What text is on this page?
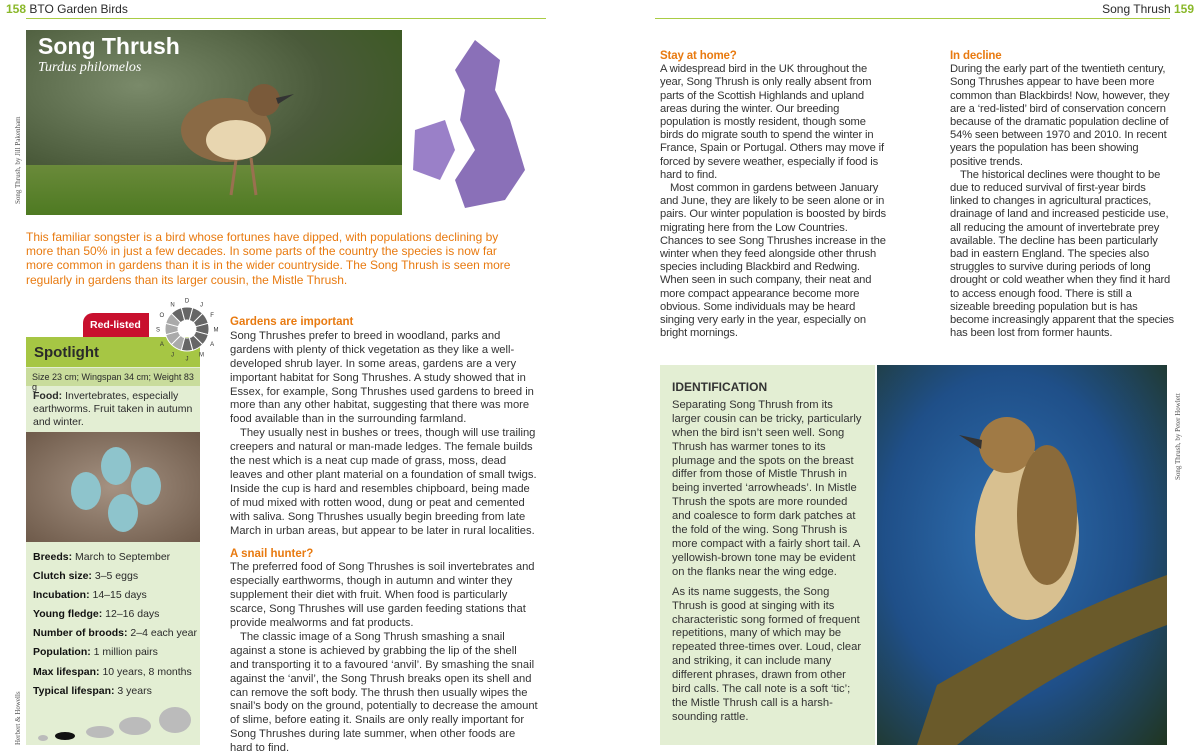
158 BTO Garden Birds	Song Thrush 159
Song Thrush, by Jill Pakenham
Song Thrush
Turdus philomelos
This familiar songster is a bird whose fortunes have dipped, with populations declining by more than 50% in just a few decades. In some parts of the country the species is now far more common in gardens than it is in the wider countryside. The Song Thrush is seen more regularly in gardens than its larger cousin, the Mistle Thrush.
Red-listed
Spotlight
Size 23 cm; Wingspan 34 cm; Weight 83 g
J
F
M
A
M
J
J
A
S
O
N
D
Food: Invertebrates, especially earthworms. Fruit taken in autumn and winter.
Breeds: March to September
Clutch size: 3–5 eggs
Incubation: 14–15 days
Young fledge: 12–16 days
Number of broods: 2–4 each year
Population: 1 million pairs
Max lifespan: 10 years, 8 months
Typical lifespan: 3 years
Herbert & Howells
Gardens are important

Song Thrushes prefer to breed in woodland, parks and gardens with plenty of thick vegetation as they like a well-developed shrub layer. In some areas, gardens are a very important habitat for Song Thrushes. A study showed that in Essex, for example, Song Thrushes used gardens to breed in more than any other habitat, suggesting that there was more food available than in the surrounding farmland.

They usually nest in bushes or trees, though will use trailing creepers and natural or man-made ledges. The female builds the nest which is a neat cup made of grass, moss, dead leaves and other plant material on a foundation of small twigs. Inside the cup is hard and resembles chipboard, being made of mud mixed with rotten wood, dung or peat and cemented with saliva. Song Thrushes usually begin breeding from late March in urban areas, but appear to be later in rural localities.

A snail hunter?

The preferred food of Song Thrushes is soil invertebrates and especially earthworms, though in autumn and winter they supplement their diet with fruit. When food is particularly scarce, Song Thrushes will use garden feeding stations that provide mealworms and fat products.

The classic image of a Song Thrush smashing a snail against a stone is achieved by grabbing the lip of the shell and transporting it to a favoured ‘anvil’. By smashing the snail against the ‘anvil’, the Song Thrush breaks open its shell and can remove the soft body. The thrush then usually wipes the snail’s body on the ground, potentially to decrease the amount of slime, before eating it. Snails are only really important for Song Thrushes during late summer, when other foods are hard to find.

Stay at home?

A widespread bird in the UK throughout the year, Song Thrush is only really absent from parts of the Scottish Highlands and upland areas during the winter. Our breeding population is mostly resident, though some birds do migrate south to spend the winter in France, Spain or Portugal. Others may move if forced by severe weather, especially if food is hard to find.

Most common in gardens between January and June, they are likely to be seen alone or in pairs. Our winter population is boosted by birds migrating here from the Low Countries. Chances to see Song Thrushes increase in the winter when they feed alongside other thrush species including Blackbird and Redwing. When seen in such company, their neat and more compact appearance become more obvious. Some individuals may be heard singing very early in the year, especially on bright mornings.

In decline

During the early part of the twentieth century, Song Thrushes appear to have been more common than Blackbirds! Now, however, they are a ‘red-listed’ bird of conservation concern because of the dramatic population decline of 54% seen between 1970 and 2010. In recent years the population has been showing positive trends.

The historical declines were thought to be due to reduced survival of first-year birds linked to changes in agricultural practices, drainage of land and increased pesticide use, all reducing the amount of invertebrate prey available. The decline has been particularly bad in eastern England. The species also struggles to survive during periods of long drought or cold weather when they find it hard to access enough food. There is still a sizeable breeding population but is has become increasingly apparent that the species has been lost from former haunts.

IDENTIFICATION

Separating Song Thrush from its larger cousin can be tricky, particularly when the bird isn’t seen well. Song Thrush has warmer tones to its plumage and the spots on the breast differ from those of Mistle Thrush in being inverted ‘arrowheads’. In Mistle Thrush the spots are more rounded and coalesce to form dark patches at the fold of the wing. Song Thrush is more compact with a fairly short tail. A yellowish-brown tone may be evident on the flanks near the wing edge.

As its name suggests, the Song Thrush is good at singing with its characteristic song formed of frequent repetitions, many of which may be repeated three-times over. Loud, clear and striking, it can include many different phrases, drawn from other bird calls. The call note is a soft ‘tic’; the Mistle Thrush call is a harsh-sounding rattle.

Song Thrush, by Peter Howlett
